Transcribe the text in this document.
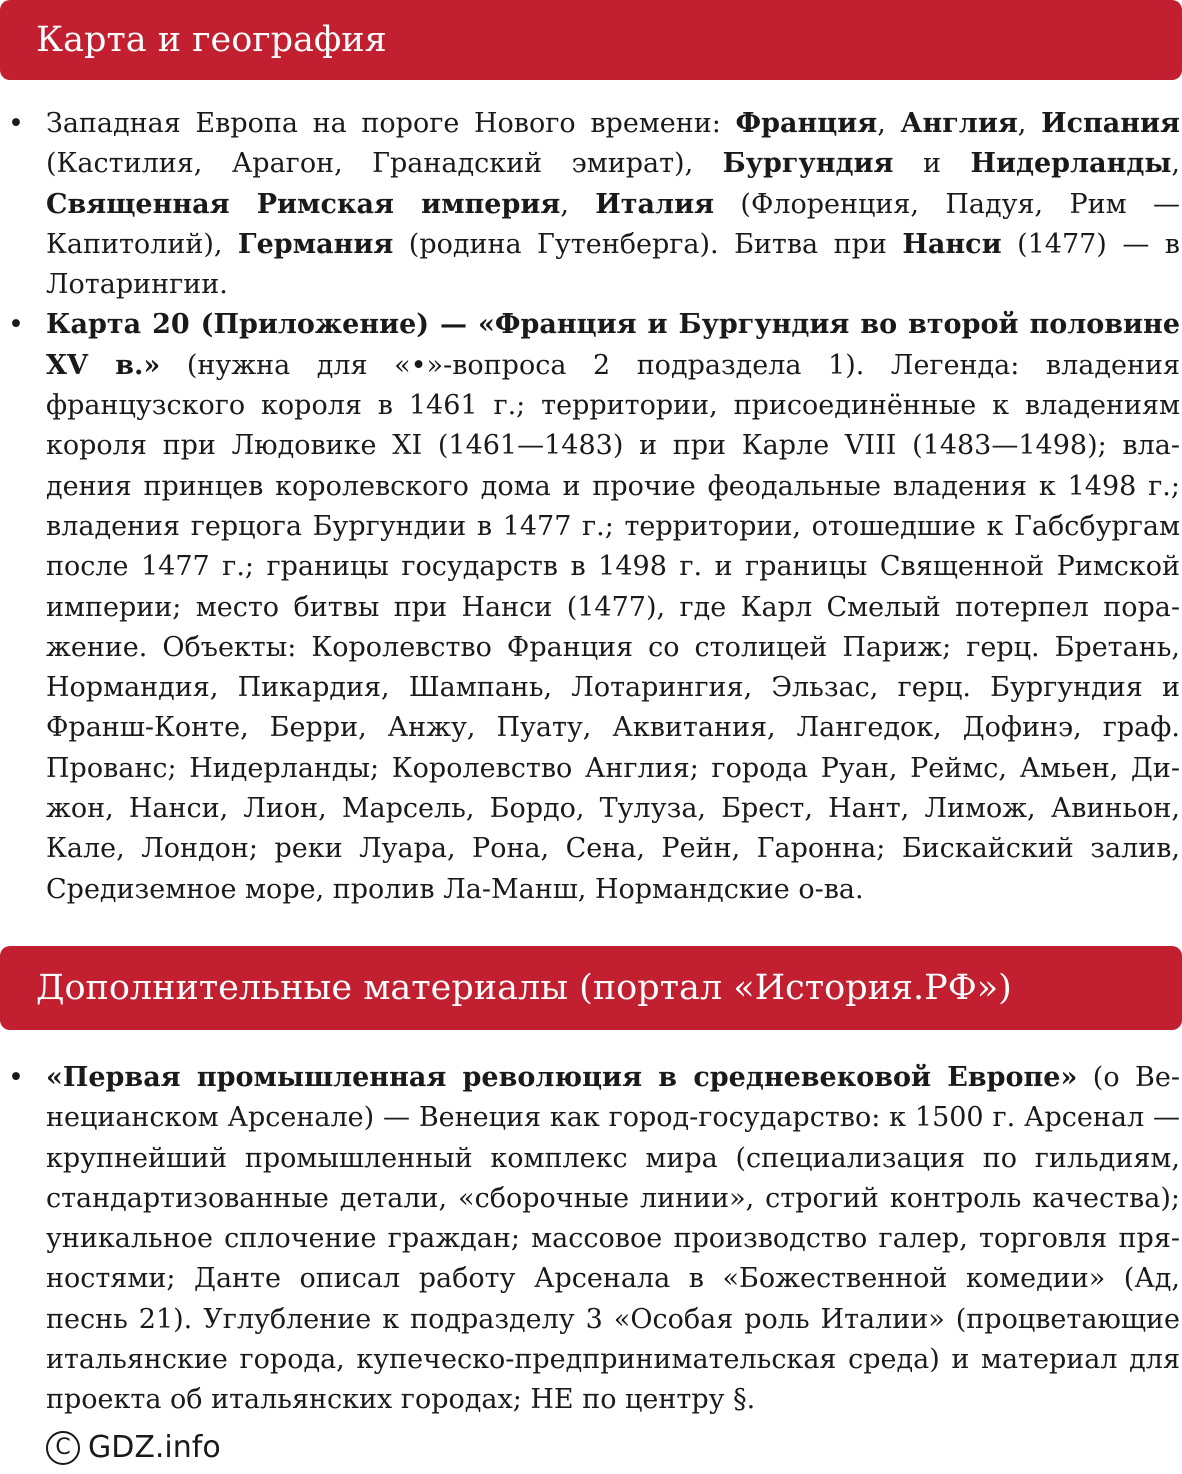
Карта и география
• Западная Европа на пороге Нового времени: Франция, Англия, Испания (Кастилия, Арагон, Гранадский эмират), Бургундия и Нидерланды, Священная Римская империя, Италия (Флоренция, Падуя, Рим — Капитолий), Германия (родина Гутенберга). Битва при Нанси (1477) — в Лотарингии.
• Карта 20 (Приложение) — «Франция и Бургундия во второй половине XV в.» (нужна для «•»-вопроса 2 подраздела 1). Легенда: владения французского короля в 1461 г.; территории, присоединённые к владениям короля при Людовике XI (1461—1483) и при Карле VIII (1483—1498); владения принцев королевского дома и прочие феодальные владения к 1498 г.; владения герцога Бургундии в 1477 г.; территории, отошедшие к Габсбургам после 1477 г.; границы государств в 1498 г. и границы Священной Римской империи; место битвы при Нанси (1477), где Карл Смелый потерпел поражение. Объекты: Королевство Франция со столицей Париж; герц. Бретань, Нормандия, Пикардия, Шампань, Лотарингия, Эльзас, герц. Бургундия и Франш-Конте, Берри, Анжу, Пуату, Аквитания, Лангедок, Дофинэ, граф. Прованс; Нидерланды; Королевство Англия; города Руан, Реймс, Амьен, Дижон, Нанси, Лион, Марсель, Бордо, Тулуза, Брест, Нант, Лимож, Авиньон, Кале, Лондон; реки Луара, Рона, Сена, Рейн, Гаронна; Бискайский залив, Средиземное море, пролив Ла-Манш, Нормандские о-ва.
Дополнительные материалы (портал «История.РФ»)
• «Первая промышленная революция в средневековой Европе» (о Венецианском Арсенале) — Венеция как город-государство: к 1500 г. Арсенал — крупнейший промышленный комплекс мира (специализация по гильдиям, стандартизованные детали, «сборочные линии», строгий контроль качества); уникальное сплочение граждан; массовое производство галер, торговля пряностями; Данте описал работу Арсенала в «Божественной комедии» (Ад, песнь 21). Углубление к подразделу 3 «Особая роль Италии» (процветающие итальянские города, купеческо-предпринимательская среда) и материал для проекта об итальянских городах; НЕ по центру §.
C GDZ.info
